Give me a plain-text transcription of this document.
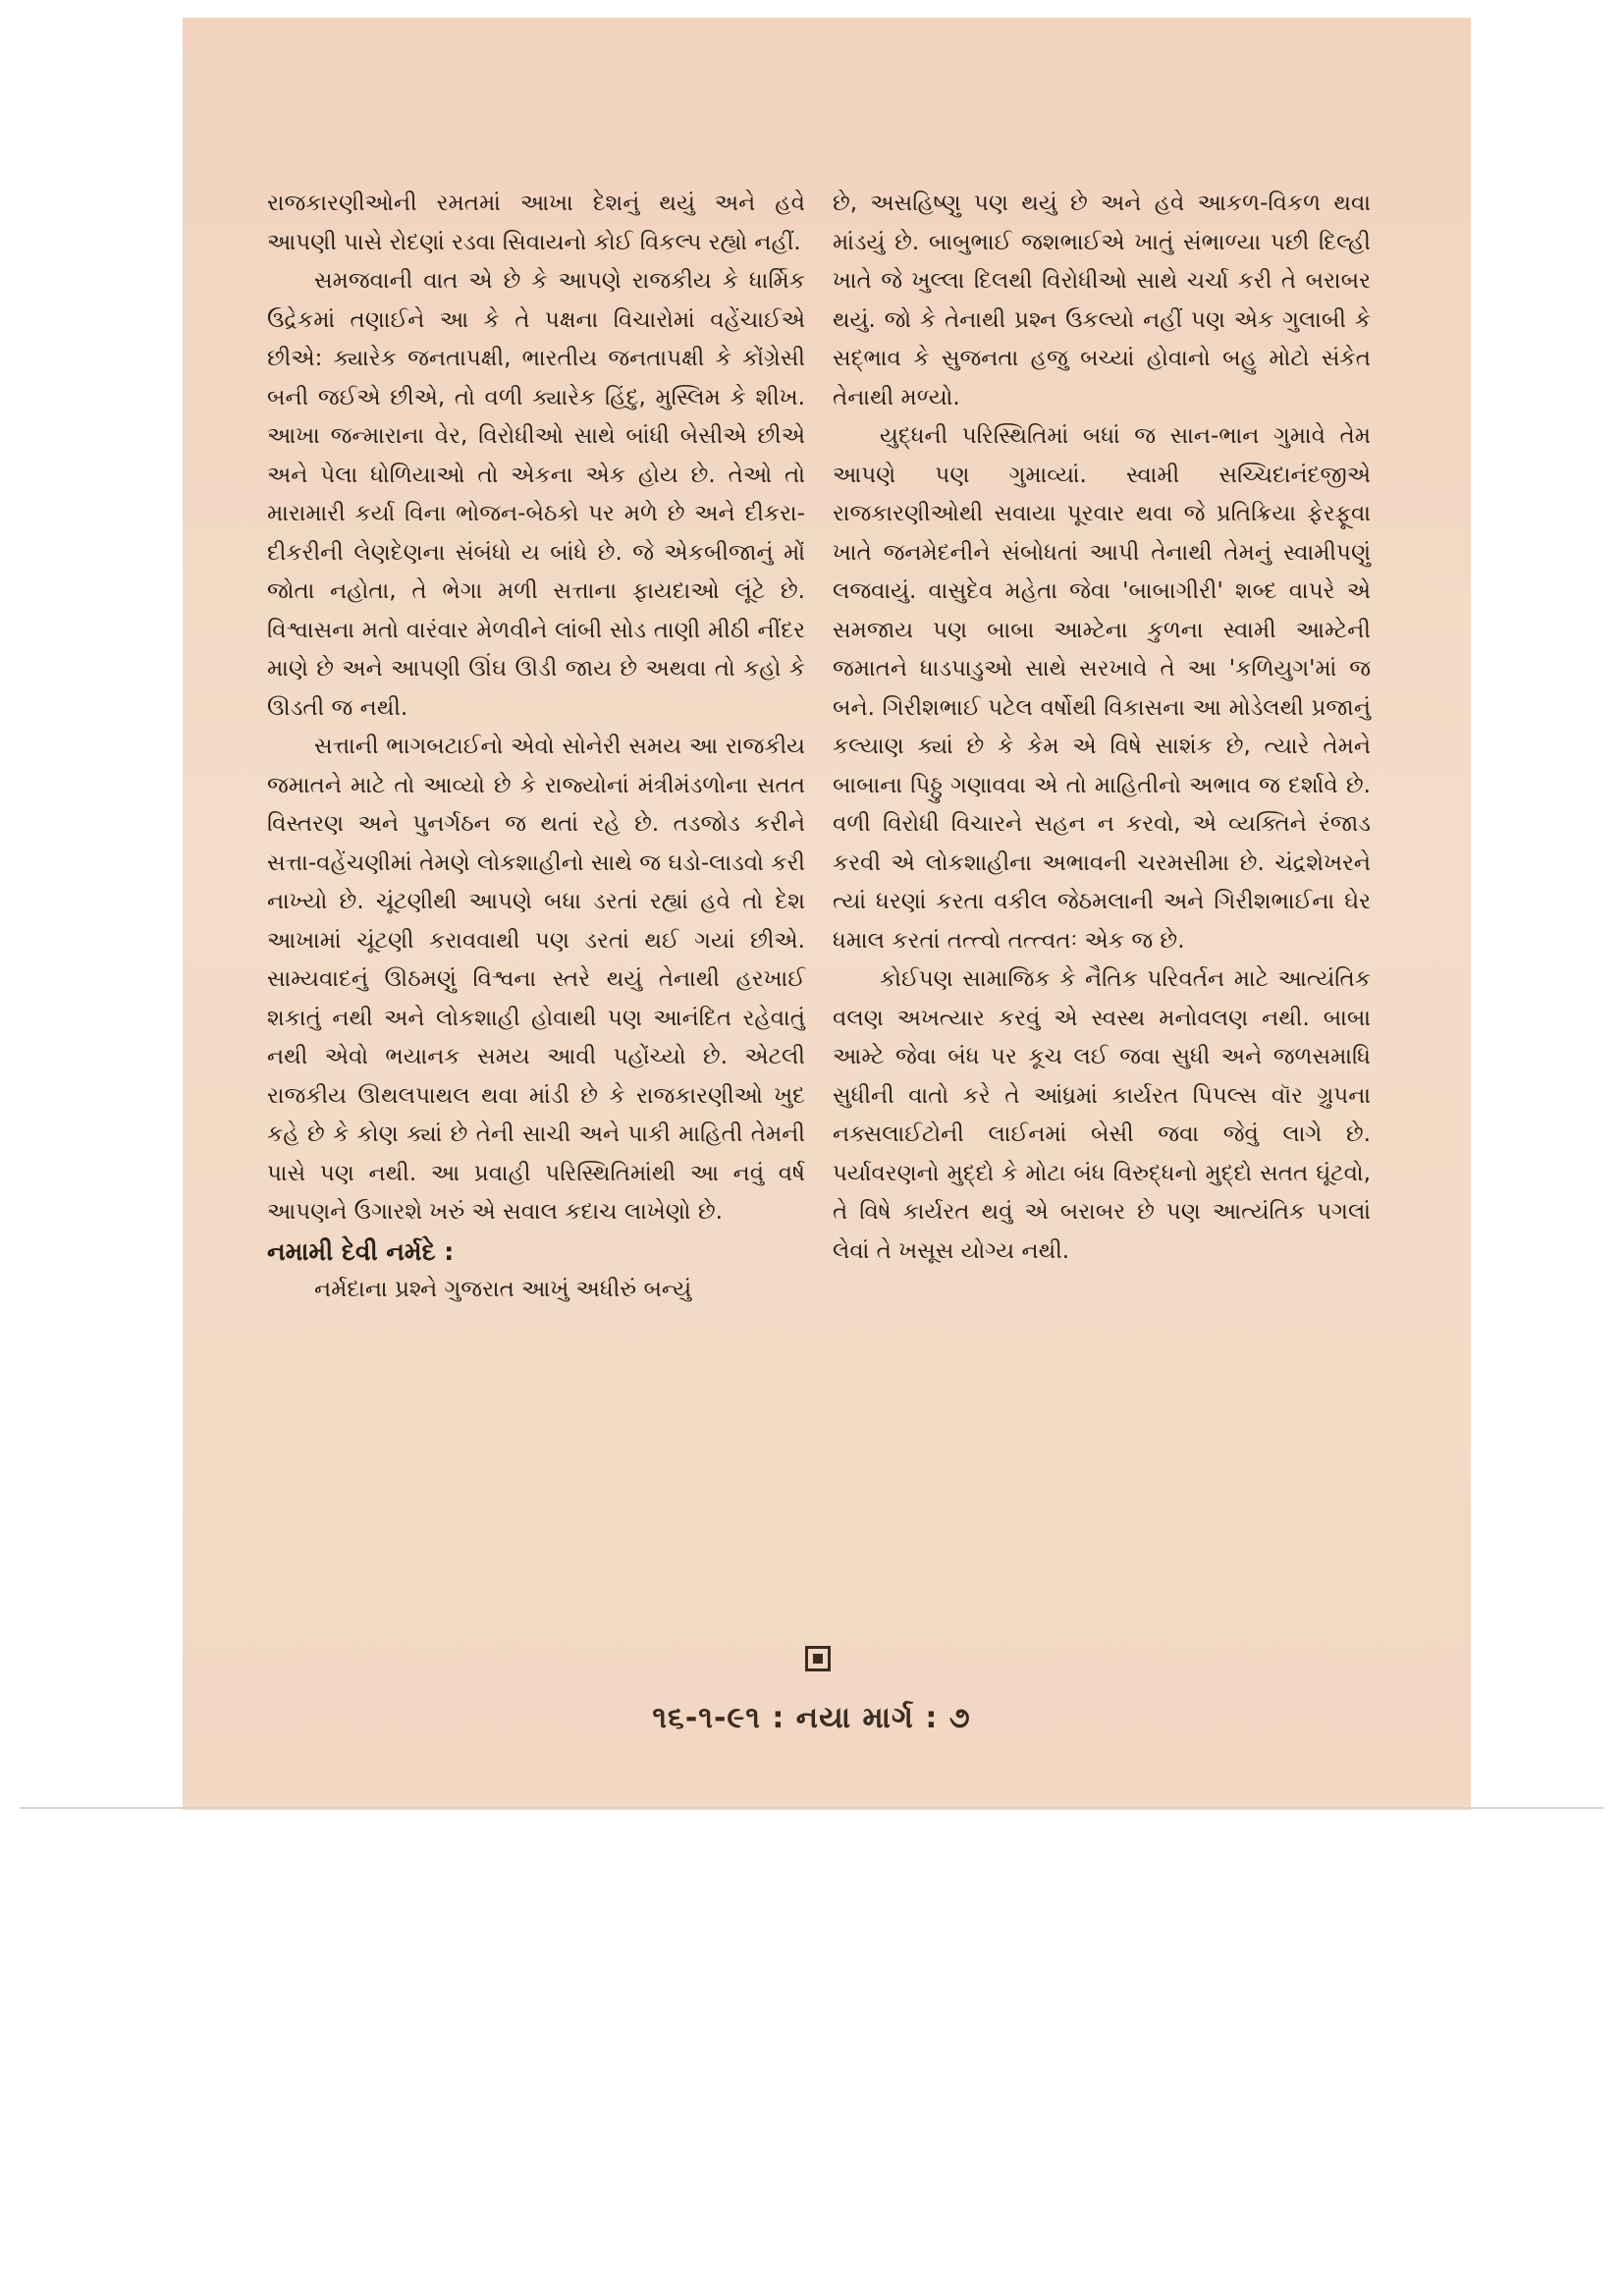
રાજકારણીઓની રમતમાં આખા દેશનું થયું અને હવે આપણી પાસે રોદણાં રડવા સિવાયનો કોઈ વિકલ્પ રહ્યો નહીં.

સમજવાની વાત એ છે કે આપણે રાજકીય કે ધાર્મિક ઉદ્રેકમાં તણાઈને આ કે તે પક્ષના વિચારોમાં વહેંચાઈએ છીએ: ક્યારેક જનતાપક્ષી, ભારતીય જનતાપક્ષી કે કોંગ્રેસી બની જઈએ છીએ, તો વળી ક્યારેક હિંદુ, મુસ્લિમ કે શીખ. આખા જન્મારાના વેર, વિરોધીઓ સાથે બાંધી બેસીએ છીએ અને પેલા ધોળિયાઓ તો એકના એક હોય છે. તેઓ તો મારામારી કર્યા વિના ભોજન-બેઠકો પર મળે છે અને દીકરા-દીકરીની લેણદેણના સંબંધો ય બાંધે છે. જે એકબીજાનું મોં જોતા નહોતા, તે ભેગા મળી સત્તાના ફાયદાઓ લૂંટે છે. વિશ્વાસના મતો વારંવાર મેળવીને લાંબી સોડ તાણી મીઠી નીંદર માણે છે અને આપણી ઊંઘ ઊડી જાય છે અથવા તો કહો કે ઊડતી જ નથી.

સત્તાની ભાગબટાઈનો એવો સોનેરી સમય આ રાજકીય જમાતને માટે તો આવ્યો છે કે રાજ્યોનાં મંત્રીમંડળોના સતત વિસ્તરણ અને પુનર્ગઠન જ થતાં રહે છે. તડજોડ કરીને સત્તા-વહેંચણીમાં તેમણે લોકશાહીનો સાથે જ ઘડો-લાડવો કરી નાખ્યો છે. ચૂંટણીથી આપણે બધા ડરતાં રહ્યાં હવે તો દેશ આખામાં ચૂંટણી કરાવવાથી પણ ડરતાં થઈ ગયાં છીએ. સામ્યવાદનું ઊઠમણું વિશ્વના સ્તરે થયું તેનાથી હરખાઈ શકાતું નથી અને લોકશાહી હોવાથી પણ આનંદિત રહેવાતું નથી એવો ભયાનક સમય આવી પહોંચ્યો છે. એટલી રાજકીય ઊથલપાથલ થવા માંડી છે કે રાજકારણીઓ ખુદ કહે છે કે કોણ ક્યાં છે તેની સાચી અને પાકી માહિતી તેમની પાસે પણ નથી. આ પ્રવાહી પરિસ્થિતિમાંથી આ નવું વર્ષ આપણને ઉગારશે ખરું એ સવાલ કદાચ લાખેણો છે.

નમામી દેવી નર્મદે :

નર્મદાના પ્રશ્ને ગુજરાત આખું અધીરું બન્યું

છે, અસહિષ્ણુ પણ થયું છે અને હવે આકળ-વિકળ થવા માંડયું છે. બાબુભાઈ જશભાઈએ ખાતું સંભાળ્યા પછી દિલ્હી ખાતે જે ખુલ્લા દિલથી વિરોધીઓ સાથે ચર્ચા કરી તે બરાબર થયું. જો કે તેનાથી પ્રશ્ન ઉકલ્યો નહીં પણ એક ગુલાબી કે સદ્ભાવ કે સુજનતા હજુ બચ્યાં હોવાનો બહુ મોટો સંકેત તેનાથી મળ્યો.

યુદ્ધની પરિસ્થિતિમાં બધાં જ સાન-ભાન ગુમાવે તેમ આપણે પણ ગુમાવ્યાં. સ્વામી સચ્ચિદાનંદજીએ રાજકારણીઓથી સવાયા પૂરવાર થવા જે પ્રતિક્રિયા ફેરફૂવા ખાતે જનમેદનીને સંબોધતાં આપી તેનાથી તેમનું સ્વામીપણું લજવાયું. વાસુદેવ મહેતા જેવા 'બાબાગીરી' શબ્દ વાપરે એ સમજાય પણ બાબા આમ્ટેના કુળના સ્વામી આમ્ટેની જમાતને ધાડપાડુઓ સાથે સરખાવે તે આ 'કળિયુગ'માં જ બને. ગિરીશભાઈ પટેલ વર્ષોથી વિકાસના આ મોડેલથી પ્રજાનું કલ્યાણ ક્યાં છે કે કેમ એ વિષે સાશંક છે, ત્યારે તેમને બાબાના પિઠ્ઠુ ગણાવવા એ તો માહિતીનો અભાવ જ દર્શાવે છે. વળી વિરોધી વિચારને સહન ન કરવો, એ વ્યક્તિને રંજાડ કરવી એ લોકશાહીના અભાવની ચરમસીમા છે. ચંદ્રશેખરને ત્યાં ધરણાં કરતા વકીલ જેઠમલાની અને ગિરીશભાઈના ઘેર ધમાલ કરતાં તત્ત્વો તત્ત્વતઃ એક જ છે.

કોઈપણ સામાજિક કે નૈતિક પરિવર્તન માટે આત્યંતિક વલણ અખત્યાર કરવું એ સ્વસ્થ મનોવલણ નથી. બાબા આમ્ટે જેવા બંધ પર કૂચ લઈ જવા સુધી અને જળસમાધિ સુધીની વાતો કરે તે આંધ્રમાં કાર્યરત પિપલ્સ વૉર ગ્રુપના નક્સલાઈટોની લાઈનમાં બેસી જવા જેવું લાગે છે. પર્યાવરણનો મુદ્દો કે મોટા બંધ વિરુદ્ધનો મુદ્દો સતત ઘૂંટવો, તે વિષે કાર્યરત થવું એ બરાબર છે પણ આત્યંતિક પગલાં લેવાં તે ખસૂસ યોગ્ય નથી.

૧૬-૧-૯૧ : નયા માર્ગ : ૭
